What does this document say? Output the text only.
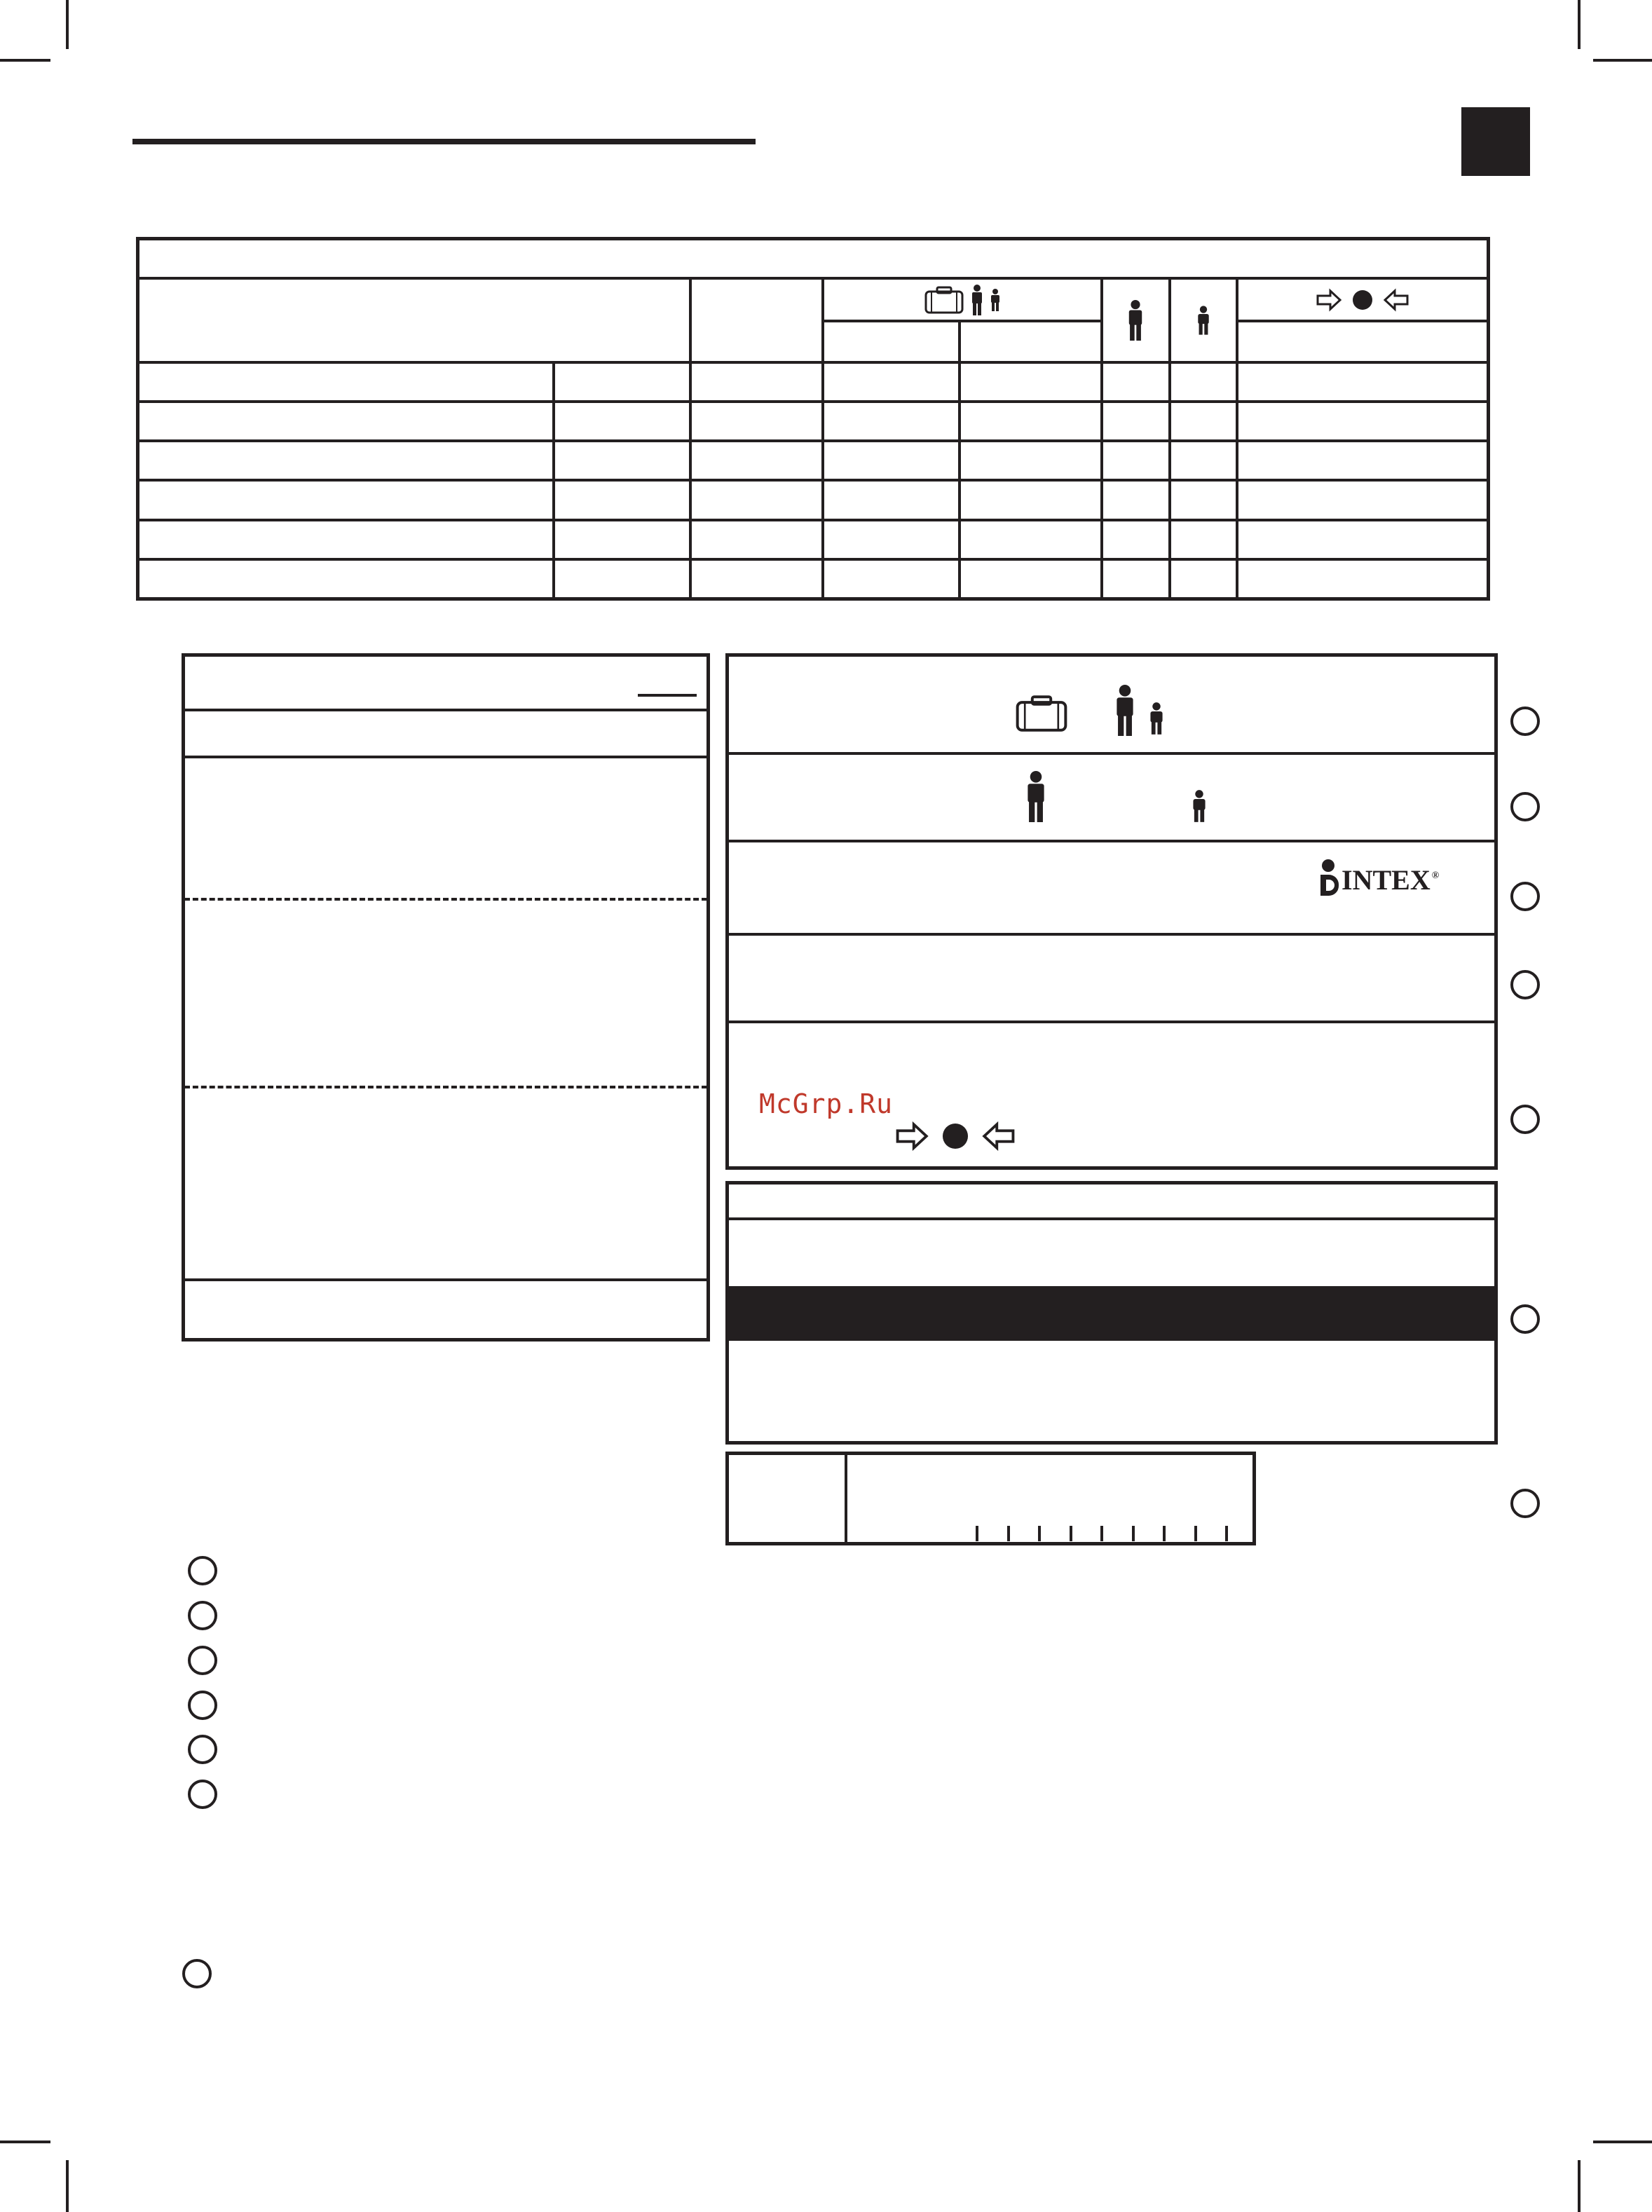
INTEX ®
McGrp.Ru
